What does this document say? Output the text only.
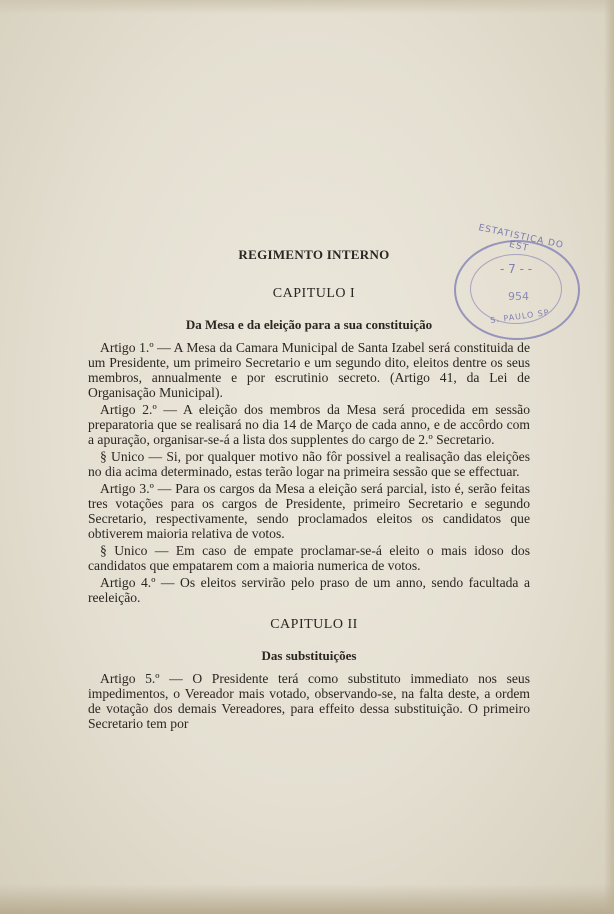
ESTATISTICA DO EST
- 7 - -
954
S. PAULO SP
REGIMENTO INTERNO
CAPITULO I
Da Mesa e da eleição para a sua constituição

Artigo 1.º — A Mesa da Camara Municipal de Santa Izabel será constituida de um Presidente, um primeiro Secretario e um segundo dito, eleitos dentre os seus membros, annualmente e por escrutinio secreto. (Artigo 41, da Lei de Organisação Municipal).

Artigo 2.º — A eleição dos membros da Mesa será procedida em sessão preparatoria que se realisará no dia 14 de Março de cada anno, e de accôrdo com a apuração, organisar-se-á a lista dos supplentes do cargo de 2.º Secretario.

§ Unico — Si, por qualquer motivo não fôr possivel a realisação das eleições no dia acima determinado, estas terão logar na primeira sessão que se effectuar.

Artigo 3.º — Para os cargos da Mesa a eleição será parcial, isto é, serão feitas tres votações para os cargos de Presidente, primeiro Secretario e segundo Secretario, respectivamente, sendo proclamados eleitos os candidatos que obtiverem maioria relativa de votos.

§ Unico — Em caso de empate proclamar-se-á eleito o mais idoso dos candidatos que empatarem com a maioria numerica de votos.

Artigo 4.º — Os eleitos servirão pelo praso de um anno, sendo facultada a reeleição.

CAPITULO II
Das substituições

Artigo 5.º — O Presidente terá como substituto immediato nos seus impedimentos, o Vereador mais votado, observando-se, na falta deste, a ordem de votação dos demais Vereadores, para effeito dessa substituição. O primeiro Secretario tem por
